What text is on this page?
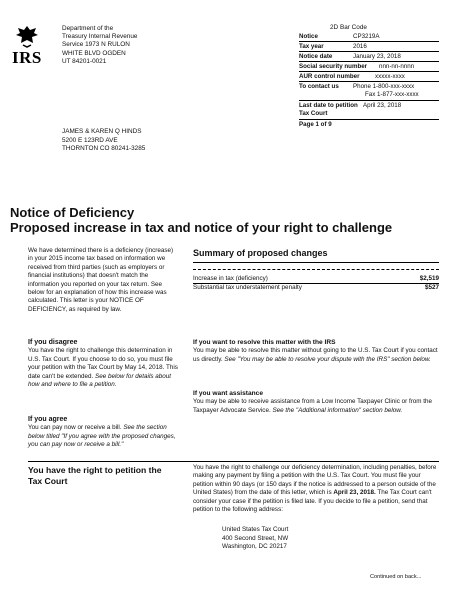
IRS
Department of the
Treasury Internal Revenue
Service 1973 N RULON
WHITE BLVD OGDEN
UT 84201-0021
2D Bar Code
Notice	CP3219A
Tax year	2016
Notice date	January 23, 2018
Social security number	nnn-nn-nnnn
AUR control number	xxxxx-xxxx
To contact us	Phone 1-800-xxx-xxxx
Fax 1-877-xxx-xxxx
Last date to petition Tax Court
April 23, 2018
Page 1 of 9
JAMES & KAREN Q HINDS
5200 E 123RD AVE
THORNTON CO 80241-3285
Notice of Deficiency
Proposed increase in tax and notice of your right to challenge
We have determined there is a deficiency (increase) in your 2015 income tax based on information we received from third parties (such as employers or financial institutions) that doesn't match the information you reported on your tax return. See below for an explanation of how this increase was calculated. This letter is your NOTICE OF DEFICIENCY, as required by law.
Summary of proposed changes
Increase in tax (deficiency)	$2,519
Substantial tax understatement penalty	$527
If you disagree
You have the right to challenge this determination in U.S. Tax Court. If you choose to do so, you must file your petition with the Tax Court by May 14, 2018. This date can't be extended. See below for details about how and where to file a petition.
If you agree
You can pay now or receive a bill. See the section below titled "If you agree with the proposed changes, you can pay now or receive a bill."
If you want to resolve this matter with the IRS
You may be able to resolve this matter without going to the U.S. Tax Court if you contact us directly. See "You may be able to resolve your dispute with the IRS" section below.
If you want assistance
You may be able to receive assistance from a Low Income Taxpayer Clinic or from the Taxpayer Advocate Service. See the "Additional information" section below.
You have the right to petition the Tax Court
You have the right to challenge our deficiency determination, including penalties, before making any payment by filing a petition with the U.S. Tax Court. You must file your petition within 90 days (or 150 days if the notice is addressed to a person outside of the United States) from the date of this letter, which is April 23, 2018. The Tax Court can't consider your case if the petition is filed late. If you decide to file a petition, send that petition to the following address:
United States Tax Court
400 Second Street, NW
Washington, DC 20217
Continued on back...
